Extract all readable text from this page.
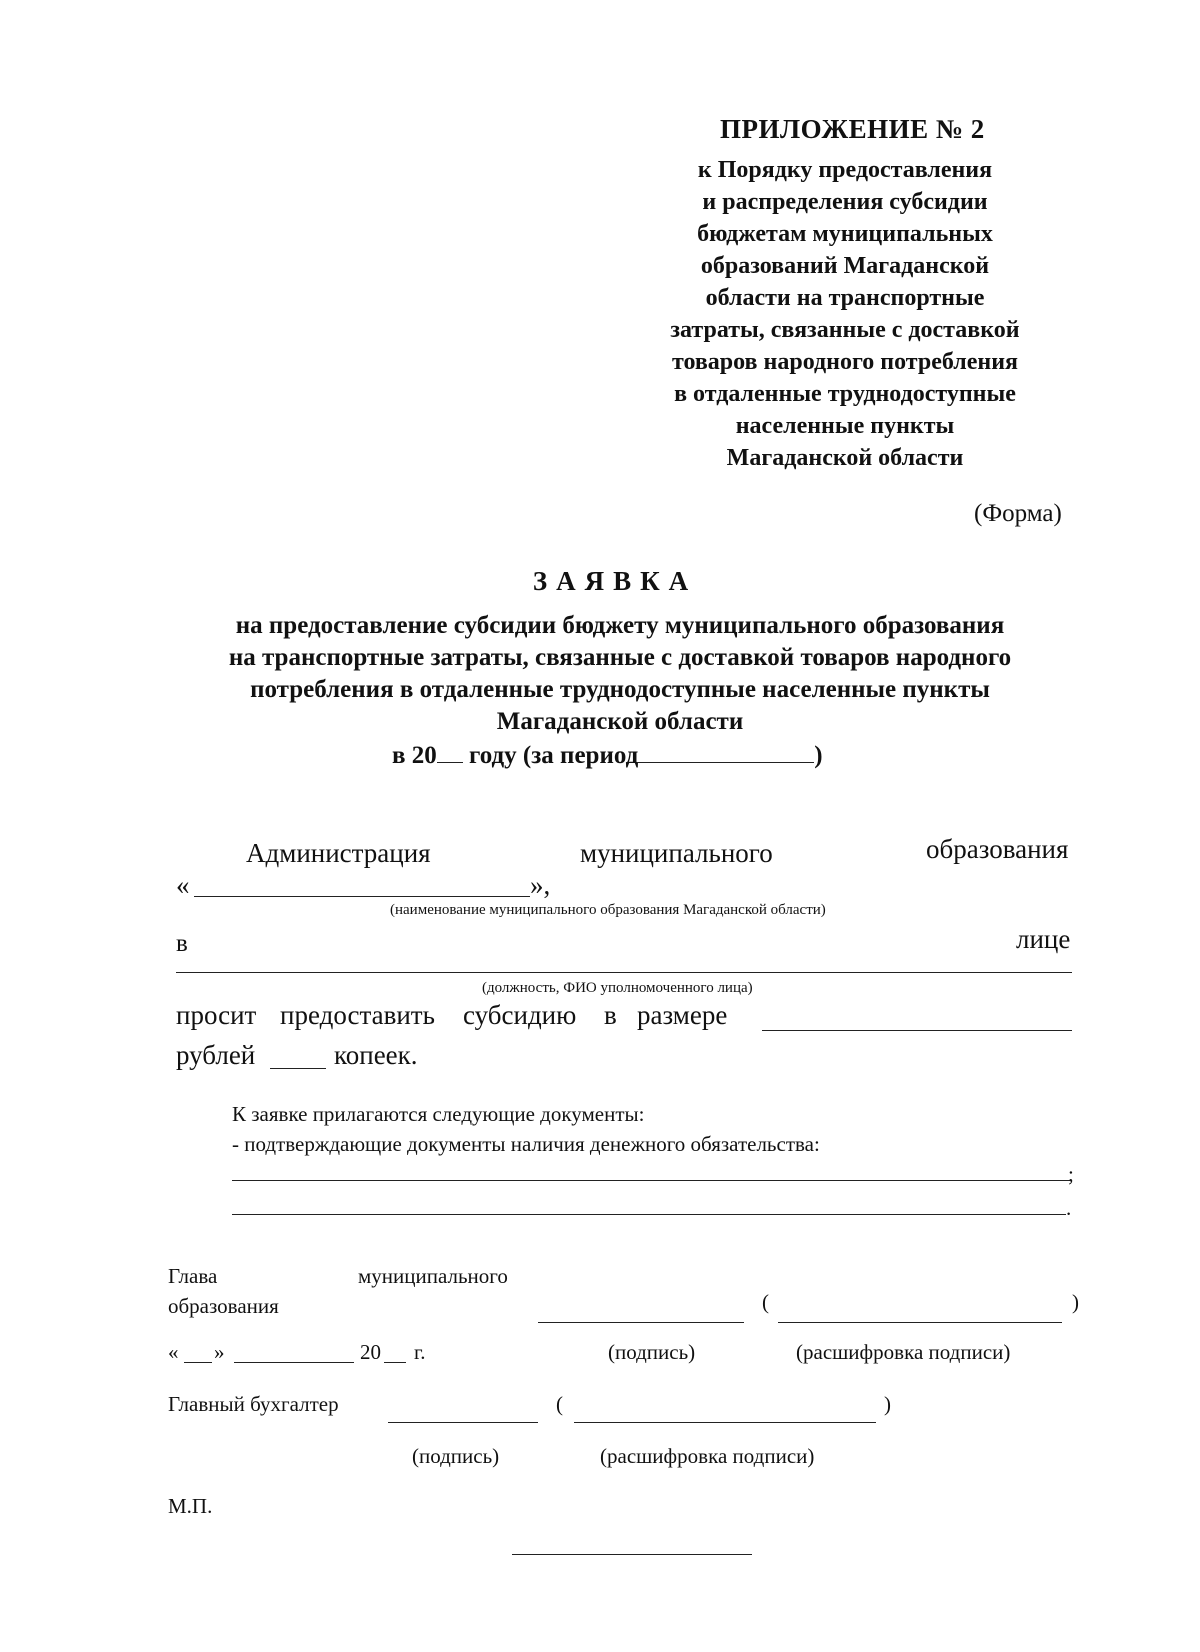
ПРИЛОЖЕНИЕ № 2
к Порядку предоставления
и распределения субсидии
бюджетам муниципальных
образований Магаданской
области на транспортные
затраты, связанные с доставкой
товаров народного потребления
в отдаленные труднодоступные
населенные пункты
Магаданской области
(Форма)
ЗАЯВКА
на предоставление субсидии бюджету муниципального образования
на транспортные затраты, связанные с доставкой товаров народного
потребления в отдаленные труднодоступные населенные пункты
Магаданской области
в 20 году (за период	)
Администрация	муниципального	образования
«	»,
(наименование муниципального образования Магаданской области)
в	лице
(должность, ФИО уполномоченного лица)
просит предоставить субсидию в размере
рублей	копеек.
К заявке прилагаются следующие документы:
- подтверждающие документы наличия денежного обязательства:
;
.
Глава	муниципального
образования	(	)
« »	20 г.	(подпись)	(расшифровка подписи)
Главный бухгалтер	(	)
(подпись)	(расшифровка подписи)
М.П.
